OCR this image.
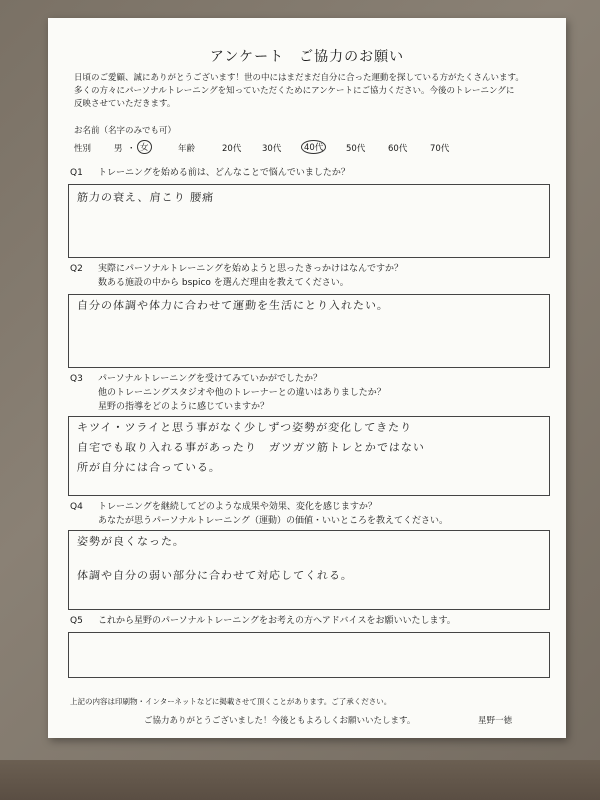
アンケート　ご協力のお願い
日頃のご愛顧、誠にありがとうございます！世の中にはまだまだ自分に合った運動を探している方がたくさんいます。
多くの方々にパーソナルトレーニングを知っていただくためにアンケートにご協力ください。今後のトレーニングに
反映させていただきます。
お名前（名字のみでも可）
性別	男 ・ 女	年齢	20代 30代	40代	50代	60代	70代
Q1 トレーニングを始める前は、どんなことで悩んでいましたか？
筋力の衰え、肩こり 腰痛
Q2 実際にパーソナルトレーニングを始めようと思ったきっかけはなんですか？
数ある施設の中から bspico を選んだ理由を教えてください。
自分の体調や体力に合わせて運動を生活にとり入れたい。
Q3 パーソナルトレーニングを受けてみていかがでしたか？
他のトレーニングスタジオや他のトレーナーとの違いはありましたか？
星野の指導をどのように感じていますか？
キツイ・ツライと思う事がなく少しずつ姿勢が変化してきたり
自宅でも取り入れる事があったり　ガツガツ筋トレとかではない
所が自分には合っている。
Q4 トレーニングを継続してどのような成果や効果、変化を感じますか？
あなたが思うパーソナルトレーニング（運動）の価値・いいところを教えてください。
姿勢が良くなった。
体調や自分の弱い部分に合わせて対応してくれる。
Q5 これから星野のパーソナルトレーニングをお考えの方へアドバイスをお願いいたします。
上記の内容は印刷物・インターネットなどに掲載させて頂くことがあります。ご了承ください。
ご協力ありがとうございました！今後ともよろしくお願いいたします。	星野一徳
